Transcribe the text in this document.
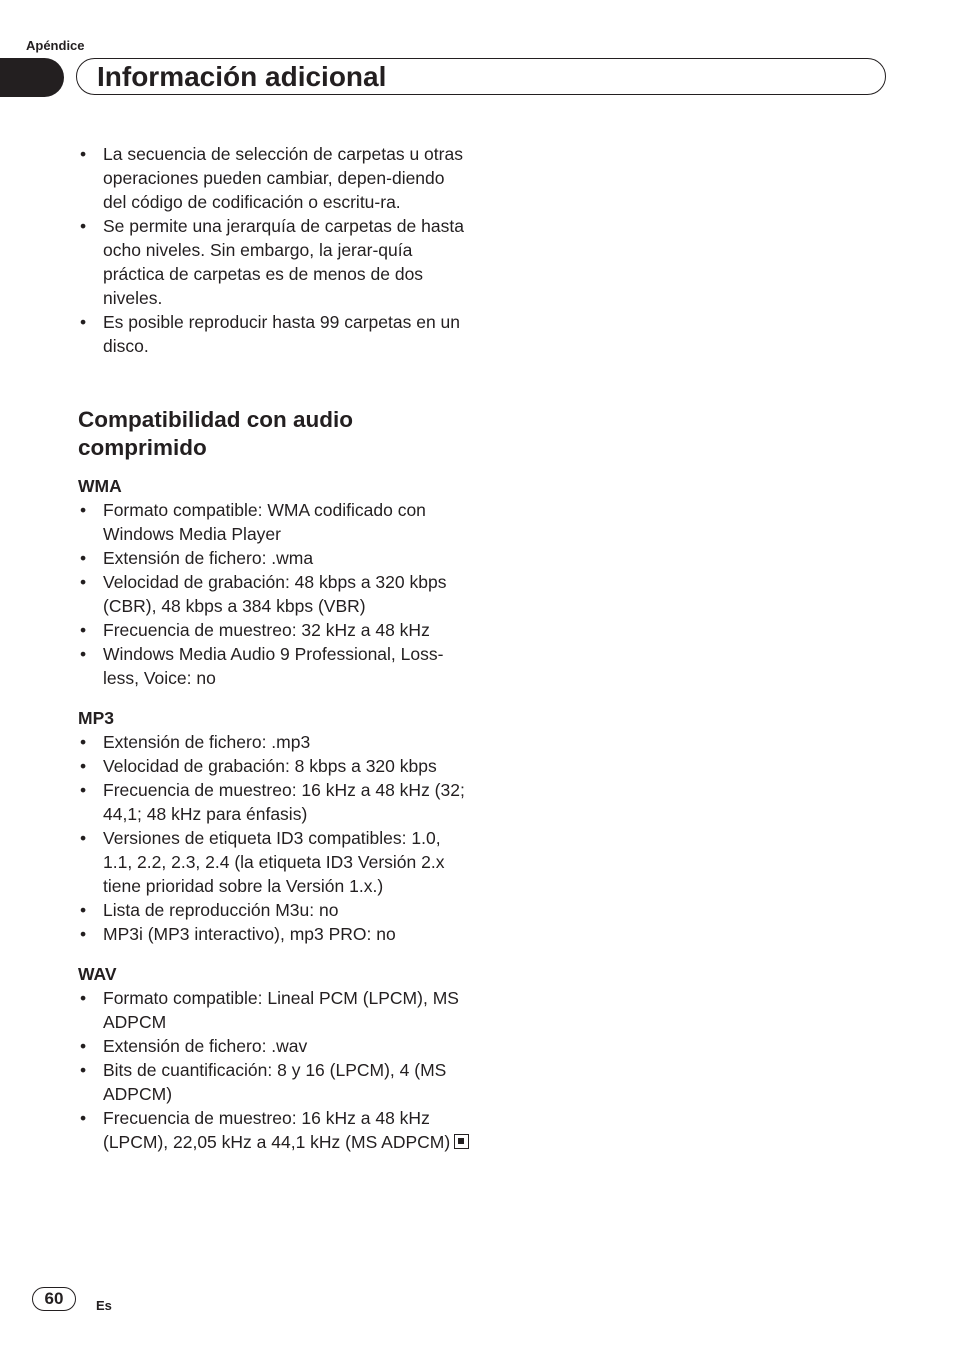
Apéndice
Información adicional
• La secuencia de selección de carpetas u otras operaciones pueden cambiar, depen-diendo del código de codificación o escritu-ra.
• Se permite una jerarquía de carpetas de hasta ocho niveles. Sin embargo, la jerar-quía práctica de carpetas es de menos de dos niveles.
• Es posible reproducir hasta 99 carpetas en un disco.
Compatibilidad con audio comprimido
WMA
• Formato compatible: WMA codificado con Windows Media Player
• Extensión de fichero: .wma
• Velocidad de grabación: 48 kbps a 320 kbps (CBR), 48 kbps a 384 kbps (VBR)
• Frecuencia de muestreo: 32 kHz a 48 kHz
• Windows Media Audio 9 Professional, Loss-less, Voice: no
MP3
• Extensión de fichero: .mp3
• Velocidad de grabación: 8 kbps a 320 kbps
• Frecuencia de muestreo: 16 kHz a 48 kHz (32; 44,1; 48 kHz para énfasis)
• Versiones de etiqueta ID3 compatibles: 1.0, 1.1, 2.2, 2.3, 2.4 (la etiqueta ID3 Versión 2.x tiene prioridad sobre la Versión 1.x.)
• Lista de reproducción M3u: no
• MP3i (MP3 interactivo), mp3 PRO: no
WAV
• Formato compatible: Lineal PCM (LPCM), MS ADPCM
• Extensión de fichero: .wav
• Bits de cuantificación: 8 y 16 (LPCM), 4 (MS ADPCM)
• Frecuencia de muestreo: 16 kHz a 48 kHz (LPCM), 22,05 kHz a 44,1 kHz (MS ADPCM)
60	Es
